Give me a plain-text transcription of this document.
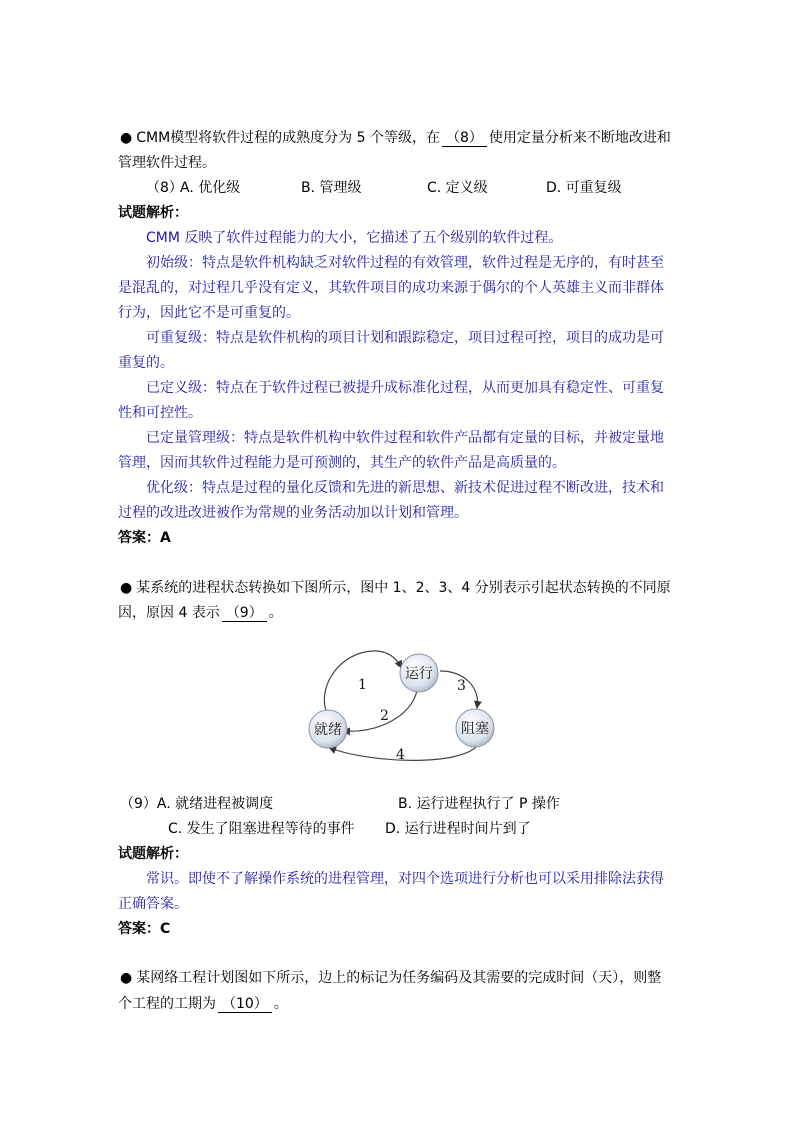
● CMM模型将软件过程的成熟度分为 5 个等级，在 （8） 使用定量分析来不断地改进和
管理软件过程。
（8）
A. 优化级	B. 管理级	C. 定义级	D. 可重复级
试题解析：
CMM 反映了软件过程能力的大小，它描述了五个级别的软件过程。
初始级：特点是软件机构缺乏对软件过程的有效管理，软件过程是无序的，有时甚至
是混乱的，对过程几乎没有定义，其软件项目的成功来源于偶尔的个人英雄主义而非群体
行为，因此它不是可重复的。
可重复级：特点是软件机构的项目计划和跟踪稳定，项目过程可控，项目的成功是可
重复的。
已定义级：特点在于软件过程已被提升成标准化过程，从而更加具有稳定性、可重复
性和可控性。
已定量管理级：特点是软件机构中软件过程和软件产品都有定量的目标，并被定量地
管理，因而其软件过程能力是可预测的，其生产的软件产品是高质量的。
优化级：特点是过程的量化反馈和先进的新思想、新技术促进过程不断改进，技术和
过程的改进改进被作为常规的业务活动加以计划和管理。
答案：A
● 某系统的进程状态转换如下图所示，图中 1、2、3、4 分别表示引起状态转换的不同原
因，原因 4 表示 （9） 。
运行
就绪	阻塞
1
2
3
4
（9）A. 就绪进程被调度	B. 运行进程执行了 P 操作
C. 发生了阻塞进程等待的事件 D. 运行进程时间片到了
试题解析：
常识。即使不了解操作系统的进程管理，对四个选项进行分析也可以采用排除法获得
正确答案。
答案：C
● 某网络工程计划图如下所示，边上的标记为任务编码及其需要的完成时间（天），则整
个工程的工期为 （10） 。
